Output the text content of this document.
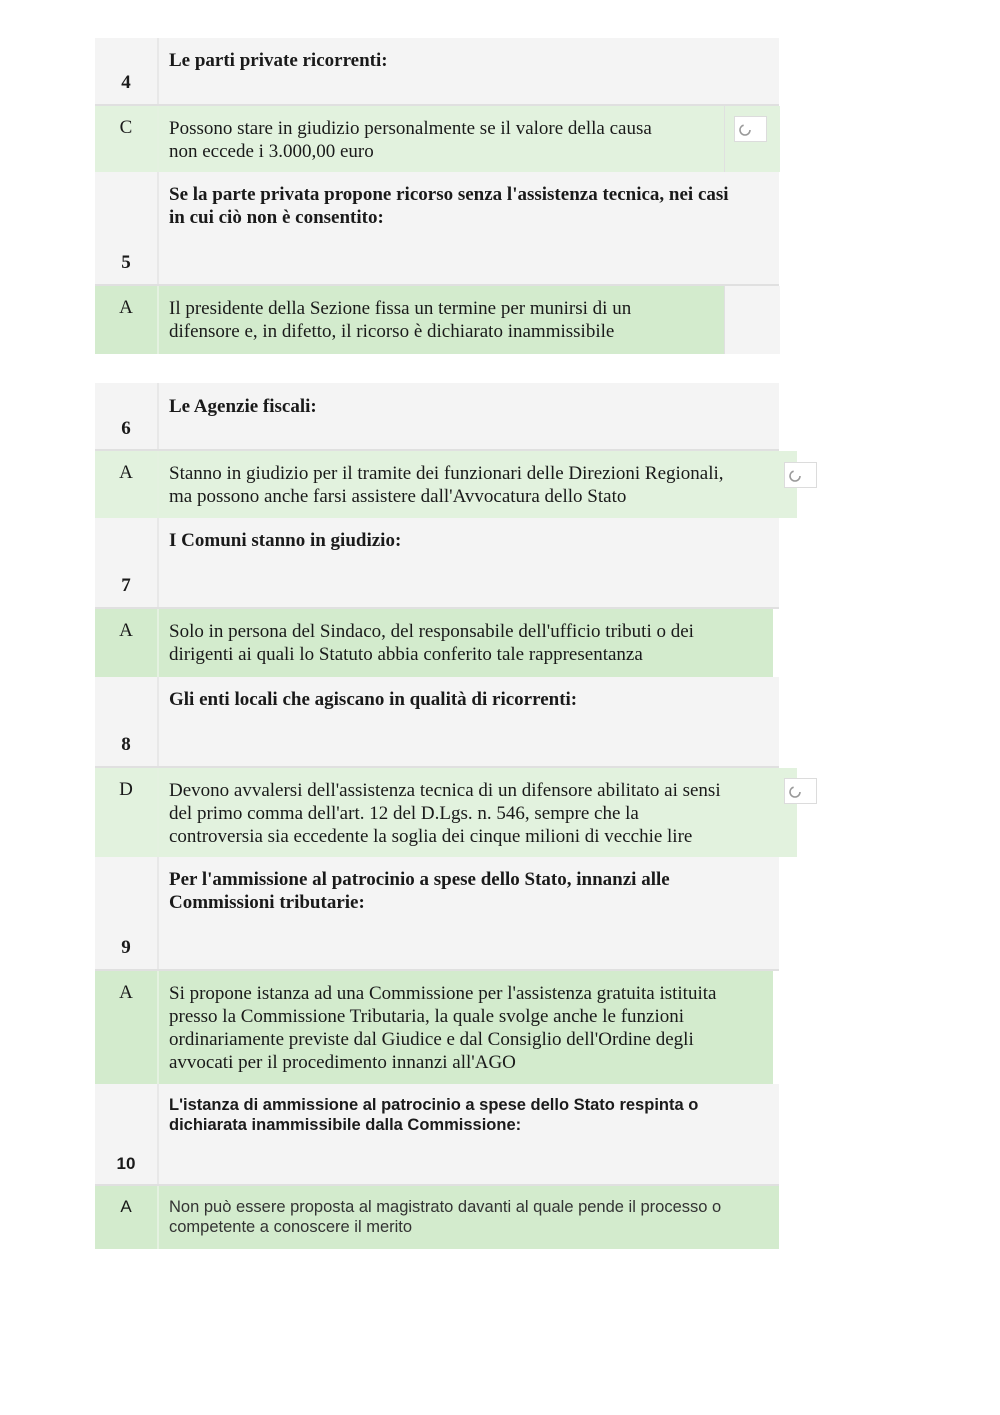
4
Le parti private ricorrenti:
C	Possono stare in giudizio personalmente se il valore della causa
non eccede i 3.000,00 euro
5
Se la parte privata propone ricorso senza l'assistenza tecnica, nei casi
in cui ciò non è consentito:
A	Il presidente della Sezione fissa un termine per munirsi di un
difensore e, in difetto, il ricorso è dichiarato inammissibile
6
Le Agenzie fiscali:
A	Stanno in giudizio per il tramite dei funzionari delle Direzioni Regionali,
ma possono anche farsi assistere dall'Avvocatura dello Stato
7
I Comuni stanno in giudizio:
A	Solo in persona del Sindaco, del responsabile dell'ufficio tributi o dei
dirigenti ai quali lo Statuto abbia conferito tale rappresentanza
8
Gli enti locali che agiscano in qualità di ricorrenti:
D	Devono avvalersi dell'assistenza tecnica di un difensore abilitato ai sensi
del primo comma dell'art. 12 del D.Lgs. n. 546, sempre che la
controversia sia eccedente la soglia dei cinque milioni di vecchie lire
9
Per l'ammissione al patrocinio a spese dello Stato, innanzi alle
Commissioni tributarie:
A	Si propone istanza ad una Commissione per l'assistenza gratuita istituita
presso la Commissione Tributaria, la quale svolge anche le funzioni
ordinariamente previste dal Giudice e dal Consiglio dell'Ordine degli
avvocati per il procedimento innanzi all'AGO
10
L'istanza di ammissione al patrocinio a spese dello Stato respinta o
dichiarata inammissibile dalla Commissione:
A	Non può essere proposta al magistrato davanti al quale pende il processo o
competente a conoscere il merito
